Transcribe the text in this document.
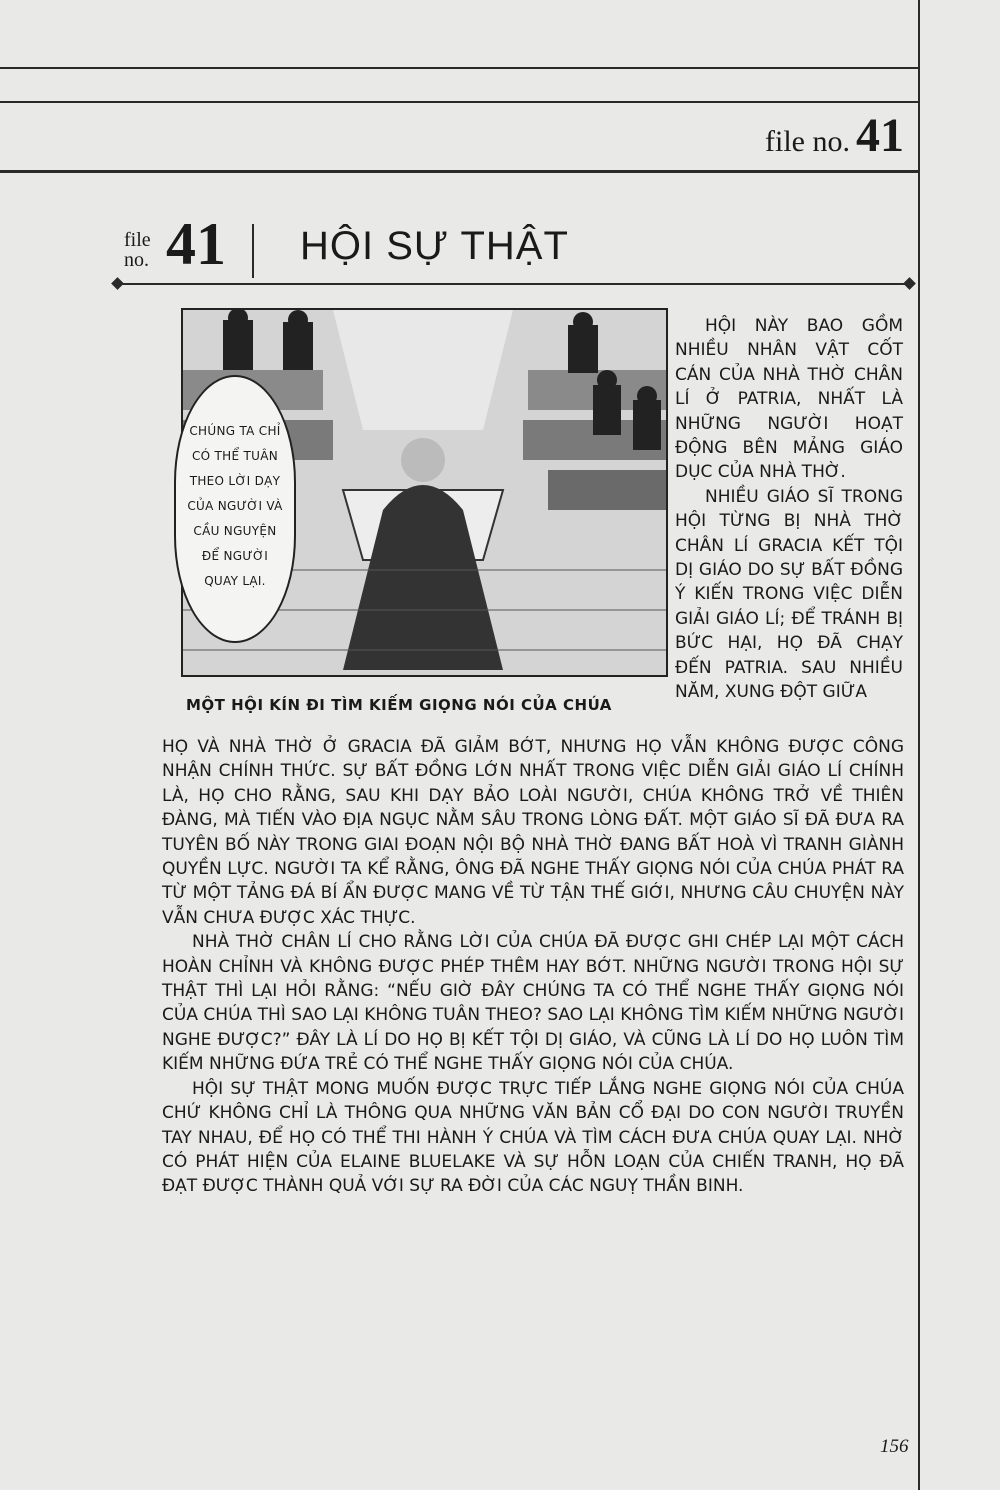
file no. 41
file
no. 41 HỘI SỰ THẬT
CHÚNG TA CHỈ
CÓ THỂ TUÂN
THEO LỜI DẠY
CỦA NGƯỜI VÀ
CẦU NGUYỆN
ĐỂ NGƯỜI
QUAY LẠI.
MỘT HỘI KÍN ĐI TÌM KIẾM GIỌNG NÓI CỦA CHÚA

HỘI NÀY BAO GỒM NHIỀU NHÂN VẬT CỐT CÁN CỦA NHÀ THỜ CHÂN LÍ Ở PATRIA, NHẤT LÀ NHỮNG NGƯỜI HOẠT ĐỘNG BÊN MẢNG GIÁO DỤC CỦA NHÀ THỜ.

NHIỀU GIÁO SĨ TRONG HỘI TỪNG BỊ NHÀ THỜ CHÂN LÍ GRACIA KẾT TỘI DỊ GIÁO DO SỰ BẤT ĐỒNG Ý KIẾN TRONG VIỆC DIỄN GIẢI GIÁO LÍ; ĐỂ TRÁNH BỊ BỨC HẠI, HỌ ĐÃ CHẠY ĐẾN PATRIA. SAU NHIỀU NĂM, XUNG ĐỘT GIỮA

HỌ VÀ NHÀ THỜ Ở GRACIA ĐÃ GIẢM BỚT, NHƯNG HỌ VẪN KHÔNG ĐƯỢC CÔNG NHẬN CHÍNH THỨC. SỰ BẤT ĐỒNG LỚN NHẤT TRONG VIỆC DIỄN GIẢI GIÁO LÍ CHÍNH LÀ, HỌ CHO RẰNG, SAU KHI DẠY BẢO LOÀI NGƯỜI, CHÚA KHÔNG TRỞ VỀ THIÊN ĐÀNG, MÀ TIẾN VÀO ĐỊA NGỤC NẰM SÂU TRONG LÒNG ĐẤT. MỘT GIÁO SĨ ĐÃ ĐƯA RA TUYÊN BỐ NÀY TRONG GIAI ĐOẠN NỘI BỘ NHÀ THỜ ĐANG BẤT HOÀ VÌ TRANH GIÀNH QUYỀN LỰC. NGƯỜI TA KỂ RẰNG, ÔNG ĐÃ NGHE THẤY GIỌNG NÓI CỦA CHÚA PHÁT RA TỪ MỘT TẢNG ĐÁ BÍ ẨN ĐƯỢC MANG VỀ TỪ TẬN THẾ GIỚI, NHƯNG CÂU CHUYỆN NÀY VẪN CHƯA ĐƯỢC XÁC THỰC.

NHÀ THỜ CHÂN LÍ CHO RẰNG LỜI CỦA CHÚA ĐÃ ĐƯỢC GHI CHÉP LẠI MỘT CÁCH HOÀN CHỈNH VÀ KHÔNG ĐƯỢC PHÉP THÊM HAY BỚT. NHỮNG NGƯỜI TRONG HỘI SỰ THẬT THÌ LẠI HỎI RẰNG: “NẾU GIỜ ĐÂY CHÚNG TA CÓ THỂ NGHE THẤY GIỌNG NÓI CỦA CHÚA THÌ SAO LẠI KHÔNG TUÂN THEO? SAO LẠI KHÔNG TÌM KIẾM NHỮNG NGƯỜI NGHE ĐƯỢC?” ĐÂY LÀ LÍ DO HỌ BỊ KẾT TỘI DỊ GIÁO, VÀ CŨNG LÀ LÍ DO HỌ LUÔN TÌM KIẾM NHỮNG ĐỨA TRẺ CÓ THỂ NGHE THẤY GIỌNG NÓI CỦA CHÚA.

HỘI SỰ THẬT MONG MUỐN ĐƯỢC TRỰC TIẾP LẮNG NGHE GIỌNG NÓI CỦA CHÚA CHỨ KHÔNG CHỈ LÀ THÔNG QUA NHỮNG VĂN BẢN CỔ ĐẠI DO CON NGƯỜI TRUYỀN TAY NHAU, ĐỂ HỌ CÓ THỂ THI HÀNH Ý CHÚA VÀ TÌM CÁCH ĐƯA CHÚA QUAY LẠI. NHỜ CÓ PHÁT HIỆN CỦA ELAINE BLUELAKE VÀ SỰ HỖN LOẠN CỦA CHIẾN TRANH, HỌ ĐÃ ĐẠT ĐƯỢC THÀNH QUẢ VỚI SỰ RA ĐỜI CỦA CÁC NGUỴ THẦN BINH.

156
